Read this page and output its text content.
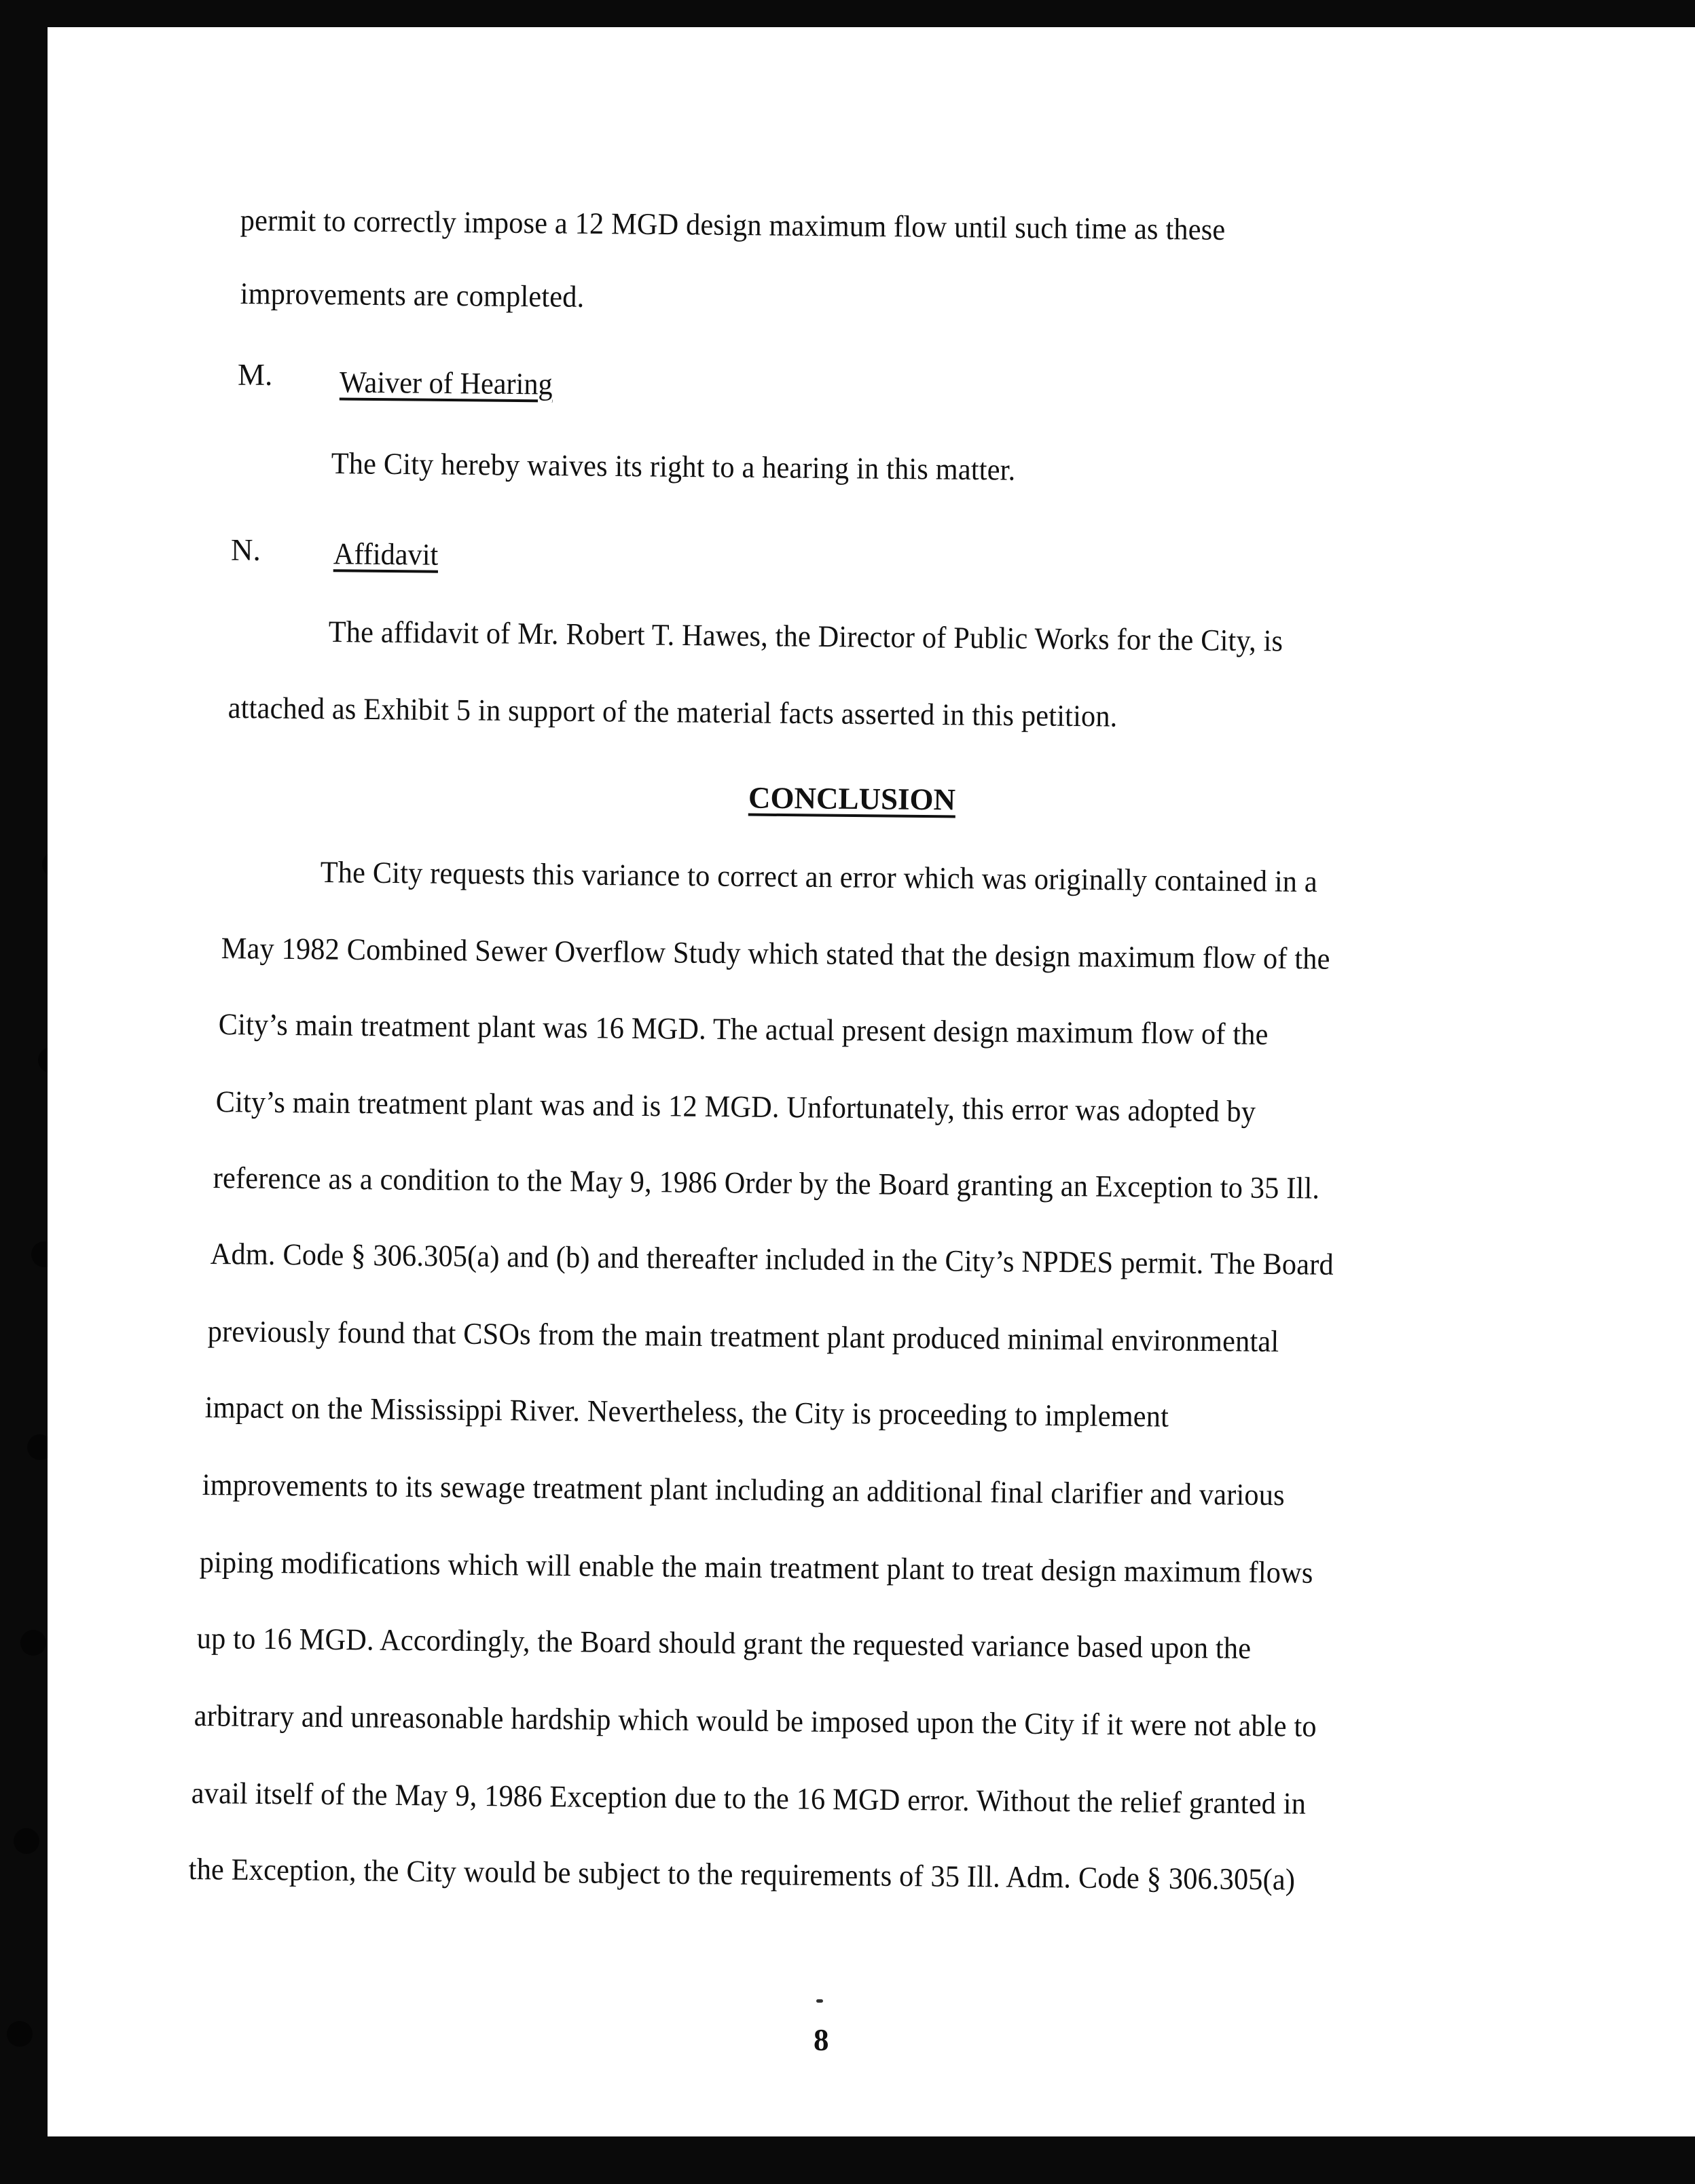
permit to correctly impose a 12 MGD design maximum flow until such time as these
improvements are completed.
M. Waiver of Hearing
The City hereby waives its right to a hearing in this matter.
N. Affidavit
The affidavit of Mr. Robert T. Hawes, the Director of Public Works for the City, is
attached as Exhibit 5 in support of the material facts asserted in this petition.
CONCLUSION
The City requests this variance to correct an error which was originally contained in a
May 1982 Combined Sewer Overflow Study which stated that the design maximum flow of the
City’s main treatment plant was 16 MGD. The actual present design maximum flow of the
City’s main treatment plant was and is 12 MGD. Unfortunately, this error was adopted by
reference as a condition to the May 9, 1986 Order by the Board granting an Exception to 35 Ill.
Adm. Code § 306.305(a) and (b) and thereafter included in the City’s NPDES permit. The Board
previously found that CSOs from the main treatment plant produced minimal environmental
impact on the Mississippi River. Nevertheless, the City is proceeding to implement
improvements to its sewage treatment plant including an additional final clarifier and various
piping modifications which will enable the main treatment plant to treat design maximum flows
up to 16 MGD. Accordingly, the Board should grant the requested variance based upon the
arbitrary and unreasonable hardship which would be imposed upon the City if it were not able to
avail itself of the May 9, 1986 Exception due to the 16 MGD error. Without the relief granted in
the Exception, the City would be subject to the requirements of 35 Ill. Adm. Code § 306.305(a)
8
